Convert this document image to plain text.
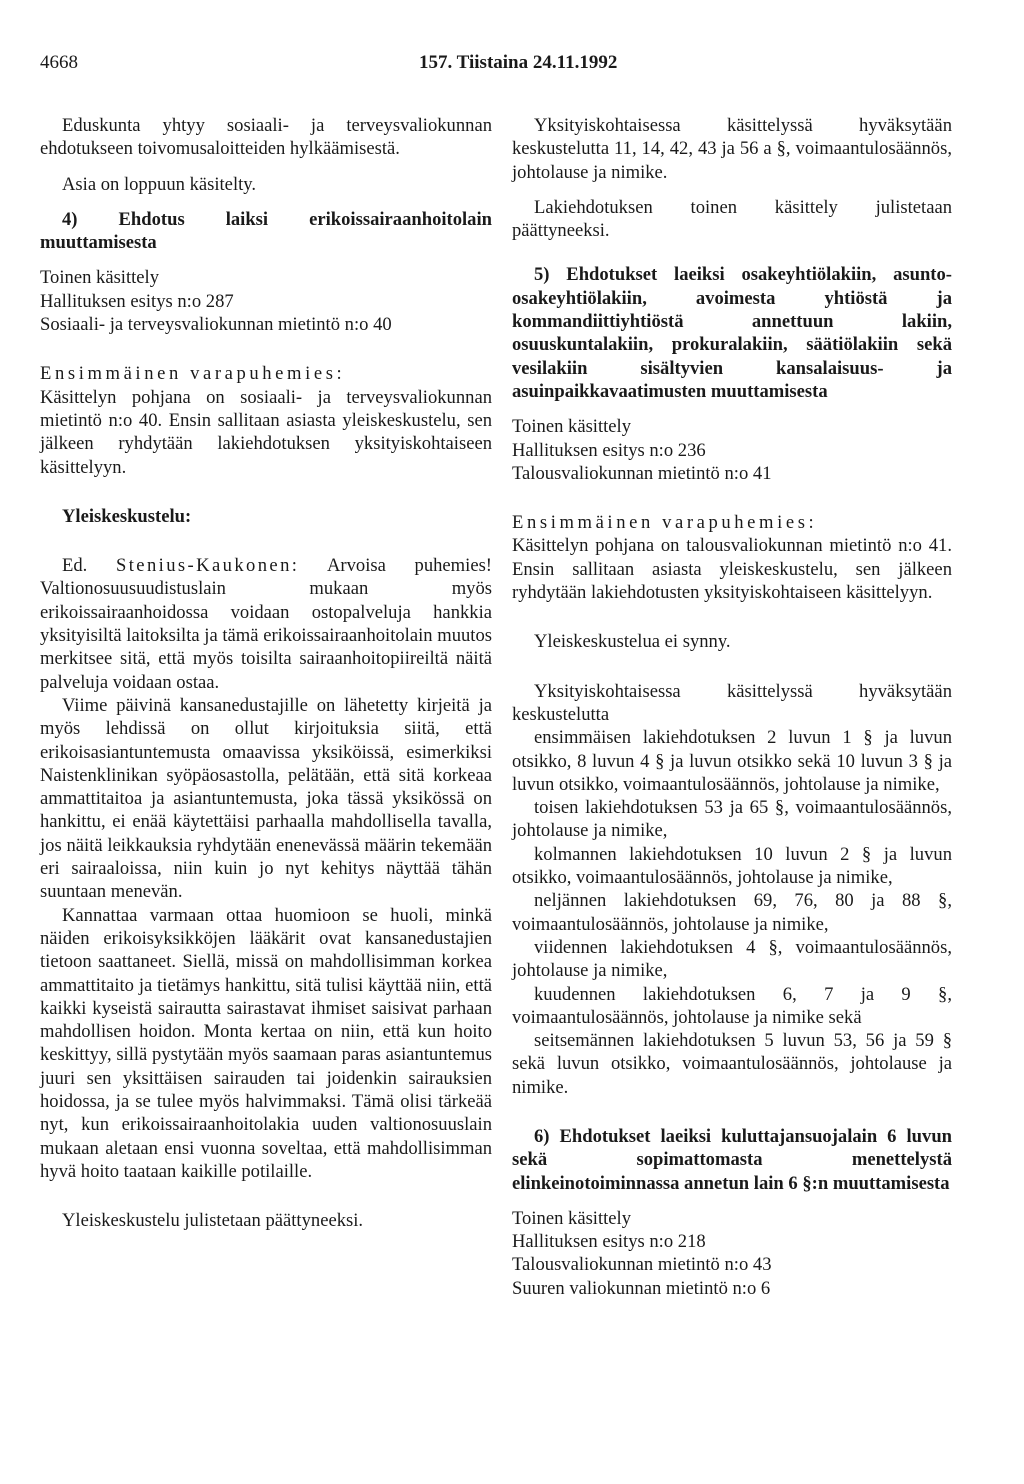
4668	157. Tiistaina 24.11.1992

Eduskunta yhtyy sosiaali- ja terveysvaliokunnan ehdotukseen toivomusaloitteiden hylkäämisestä.

Asia on loppuun käsitelty.

4) Ehdotus laiksi erikoissairaanhoitolain muuttamisesta

Toinen käsittely
Hallituksen esitys n:o 287
Sosiaali- ja terveysvaliokunnan mietintö n:o 40
Ensimmäinen varapuhemies:

Käsittelyn pohjana on sosiaali- ja terveysvaliokunnan mietintö n:o 40. Ensin sallitaan asiasta yleiskeskustelu, sen jälkeen ryhdytään lakiehdotuksen yksityiskohtaiseen käsittelyyn.

Yleiskeskustelu:

Ed. Stenius-Kaukonen: Arvoisa puhemies! Valtionosuusuudistuslain mukaan myös erikoissairaanhoidossa voidaan ostopalveluja hankkia yksityisiltä laitoksilta ja tämä erikoissairaanhoitolain muutos merkitsee sitä, että myös toisilta sairaanhoitopiireiltä näitä palveluja voidaan ostaa.

Viime päivinä kansanedustajille on lähetetty kirjeitä ja myös lehdissä on ollut kirjoituksia siitä, että erikoisasiantuntemusta omaavissa yksiköissä, esimerkiksi Naistenklinikan syöpäosastolla, pelätään, että sitä korkeaa ammattitaitoa ja asiantuntemusta, joka tässä yksikössä on hankittu, ei enää käytettäisi parhaalla mahdollisella tavalla, jos näitä leikkauksia ryhdytään enenevässä määrin tekemään eri sairaaloissa, niin kuin jo nyt kehitys näyttää tähän suuntaan menevän.

Kannattaa varmaan ottaa huomioon se huoli, minkä näiden erikoisyksikköjen lääkärit ovat kansanedustajien tietoon saattaneet. Siellä, missä on mahdollisimman korkea ammattitaito ja tietämys hankittu, sitä tulisi käyttää niin, että kaikki kyseistä sairautta sairastavat ihmiset saisivat parhaan mahdollisen hoidon. Monta kertaa on niin, että kun hoito keskittyy, sillä pystytään myös saamaan paras asiantuntemus juuri sen yksittäisen sairauden tai joidenkin sairauksien hoidossa, ja se tulee myös halvimmaksi. Tämä olisi tärkeää nyt, kun erikoissairaanhoitolakia uuden valtionosuuslain mukaan aletaan ensi vuonna soveltaa, että mahdollisimman hyvä hoito taataan kaikille potilaille.

Yleiskeskustelu julistetaan päättyneeksi.

Yksityiskohtaisessa käsittelyssä hyväksytään keskustelutta 11, 14, 42, 43 ja 56 a §, voimaantulosäännös, johtolause ja nimike.

Lakiehdotuksen toinen käsittely julistetaan päättyneeksi.

5) Ehdotukset laeiksi osakeyhtiölakiin, asunto-osakeyhtiölakiin, avoimesta yhtiöstä ja kommandiittiyhtiöstä annettuun lakiin, osuuskuntalakiin, prokuralakiin, säätiölakiin sekä vesilakiin sisältyvien kansalaisuus- ja asuinpaikkavaatimusten muuttamisesta

Toinen käsittely
Hallituksen esitys n:o 236
Talousvaliokunnan mietintö n:o 41
Ensimmäinen varapuhemies:

Käsittelyn pohjana on talousvaliokunnan mietintö n:o 41. Ensin sallitaan asiasta yleiskeskustelu, sen jälkeen ryhdytään lakiehdotusten yksityiskohtaiseen käsittelyyn.

Yleiskeskustelua ei synny.

Yksityiskohtaisessa käsittelyssä hyväksytään keskustelutta

ensimmäisen lakiehdotuksen 2 luvun 1 § ja luvun otsikko, 8 luvun 4 § ja luvun otsikko sekä 10 luvun 3 § ja luvun otsikko, voimaantulosäännös, johtolause ja nimike,

toisen lakiehdotuksen 53 ja 65 §, voimaantulosäännös, johtolause ja nimike,

kolmannen lakiehdotuksen 10 luvun 2 § ja luvun otsikko, voimaantulosäännös, johtolause ja nimike,

neljännen lakiehdotuksen 69, 76, 80 ja 88 §, voimaantulosäännös, johtolause ja nimike,

viidennen lakiehdotuksen 4 §, voimaantulosäännös, johtolause ja nimike,

kuudennen lakiehdotuksen 6, 7 ja 9 §, voimaantulosäännös, johtolause ja nimike sekä

seitsemännen lakiehdotuksen 5 luvun 53, 56 ja 59 § sekä luvun otsikko, voimaantulosäännös, johtolause ja nimike.

6) Ehdotukset laeiksi kuluttajansuojalain 6 luvun sekä sopimattomasta menettelystä elinkeinotoiminnassa annetun lain 6 §:n muuttamisesta

Toinen käsittely
Hallituksen esitys n:o 218
Talousvaliokunnan mietintö n:o 43
Suuren valiokunnan mietintö n:o 6
